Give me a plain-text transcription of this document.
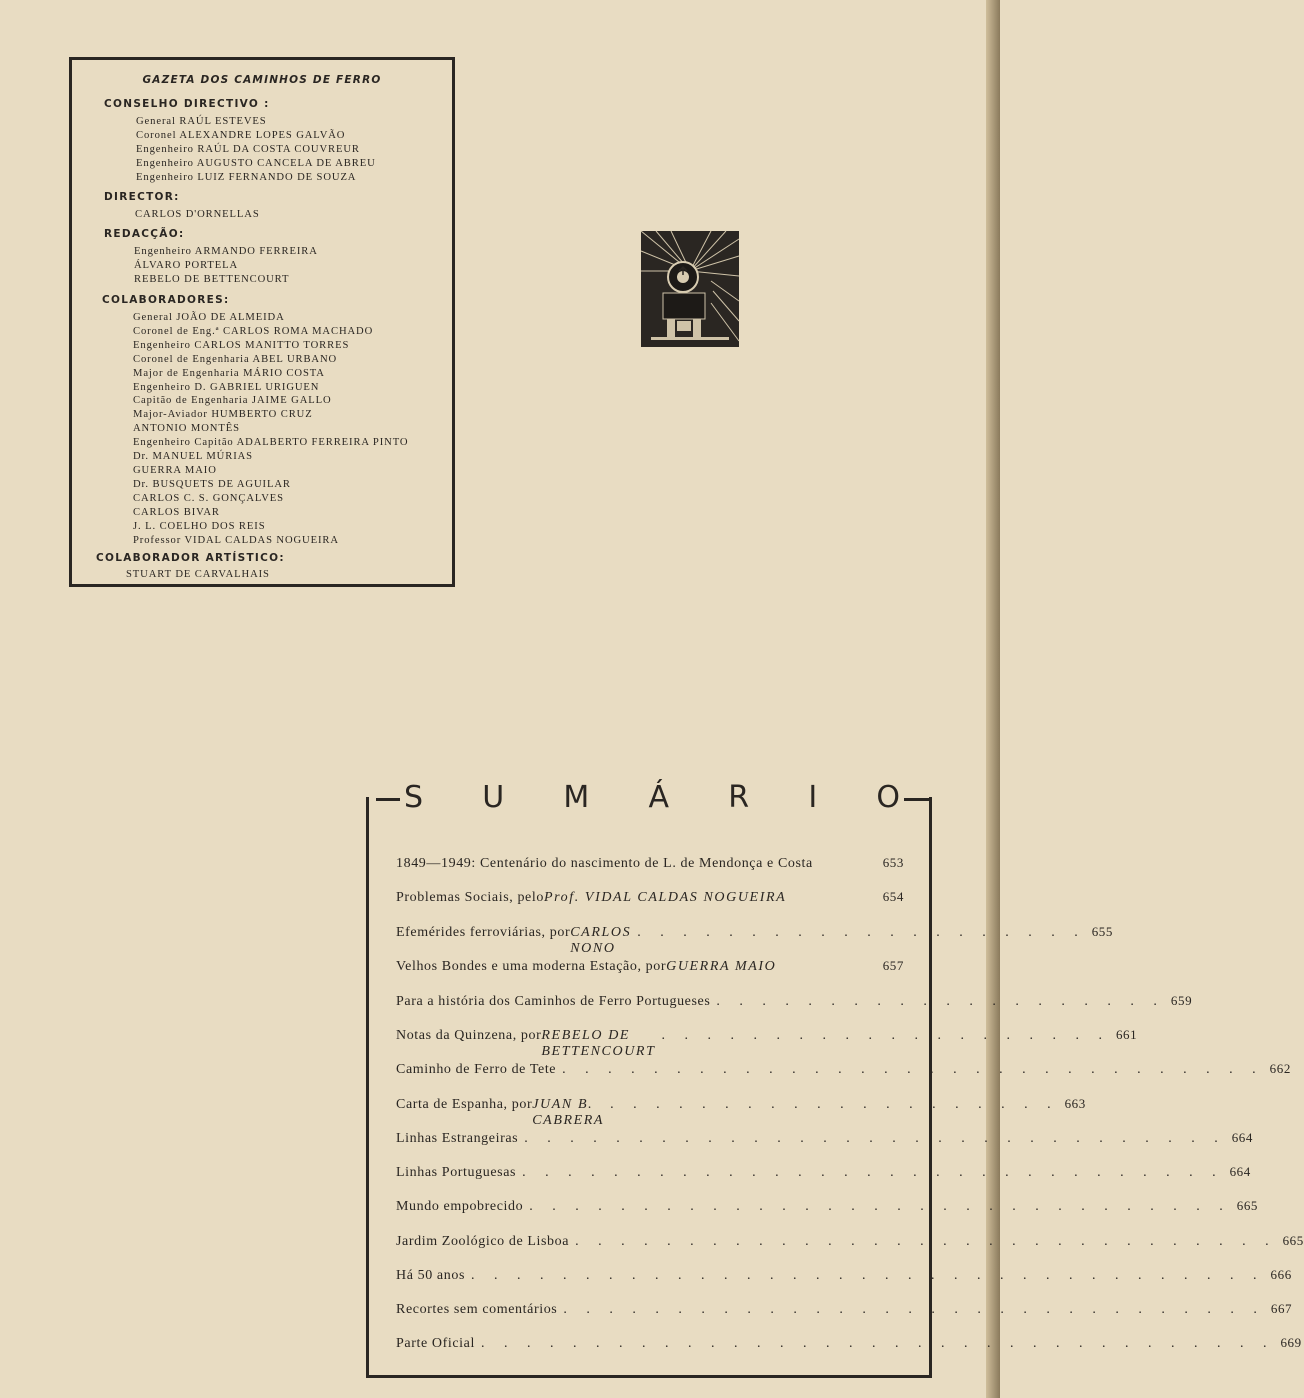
GAZETA DOS CAMINHOS DE FERRO
CONSELHO DIRECTIVO :
General RAÚL ESTEVES
Coronel ALEXANDRE LOPES GALVÃO
Engenheiro RAÚL DA COSTA COUVREUR
Engenheiro AUGUSTO CANCELA DE ABREU
Engenheiro LUIZ FERNANDO DE SOUZA
DIRECTOR:
CARLOS D'ORNELLAS
REDACÇÃO:
Engenheiro ARMANDO FERREIRA
ÁLVARO PORTELA
REBELO DE BETTENCOURT
COLABORADORES:
General JOÃO DE ALMEIDA
Coronel de Eng.ª CARLOS ROMA MACHADO
Engenheiro CARLOS MANITTO TORRES
Coronel de Engenharia ABEL URBANO
Major de Engenharia MÁRIO COSTA
Engenheiro D. GABRIEL URIGUEN
Capitão de Engenharia JAIME GALLO
Major-Aviador HUMBERTO CRUZ
ANTONIO MONTÊS
Engenheiro Capitão ADALBERTO FERREIRA PINTO
Dr. MANUEL MÚRIAS
GUERRA MAIO
Dr. BUSQUETS DE AGUILAR
CARLOS C. S. GONÇALVES
CARLOS BIVAR
J. L. COELHO DOS REIS
Professor VIDAL CALDAS NOGUEIRA
COLABORADOR ARTÍSTICO:
STUART DE CARVALHAIS
S U M Á R I O
1849—1949: Centenário do nascimento de L. de Mendonça e Costa	653
Problemas Sociais, pelo Prof. VIDAL CALDAS NOGUEIRA	654
Efemérides ferroviárias, por CARLOS NONO
. . . . . . . . . . . . . . . . . . . . 655
Velhos Bondes e uma moderna Estação, por GUERRA MAIO	657
Para a história dos Caminhos de Ferro Portugueses . . . . . . . . . . . . . . . . . . . . 659
Notas da Quinzena, por REBELO DE BETTENCOURT
. . . . . . . . . . . . . . . . . . . . 661
Caminho de Ferro de Tete . . . . . . . . . . . . . . . . . . . . . . . . . . . . . . . 662
Carta de Espanha, por JUAN B. CABRERA
. . . . . . . . . . . . . . . . . . . . 663
Linhas Estrangeiras . . . . . . . . . . . . . . . . . . . . . . . . . . . . . . . 664
Linhas Portuguesas . . . . . . . . . . . . . . . . . . . . . . . . . . . . . . . 664
Mundo empobrecido . . . . . . . . . . . . . . . . . . . . . . . . . . . . . . . 665
Jardim Zoológico de Lisboa . . . . . . . . . . . . . . . . . . . . . . . . . . . . . . . 665
Há 50 anos . . . . . . . . . . . . . . . . . . . . . . . . . . . . . . . . . . . 666
Recortes sem comentários . . . . . . . . . . . . . . . . . . . . . . . . . . . . . . . 667
Parte Oficial . . . . . . . . . . . . . . . . . . . . . . . . . . . . . . . . . . . 669
